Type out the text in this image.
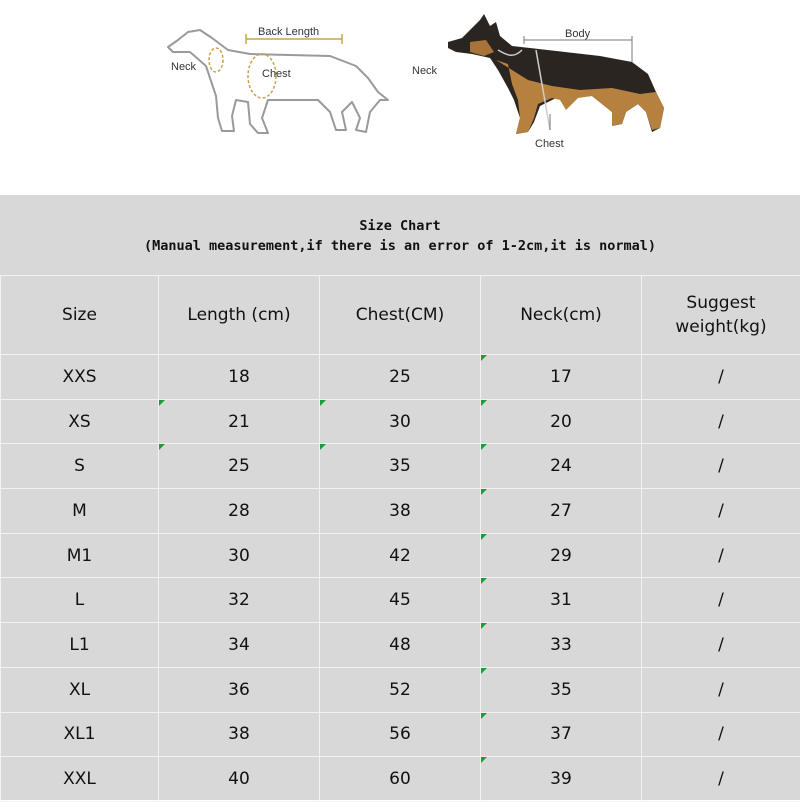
Back Length
Neck
Chest
Body
Neck
Chest
Size Chart
(Manual measurement,if there is an error of 1-2cm,it is normal)
Size	Length (cm)	Chest(CM)	Neck(cm)	Suggest weight(kg)
XXS	18	25	17	/
XS	21	30	20	/
S	25	35	24	/
M	28	38	27	/
M1	30	42	29	/
L	32	45	31	/
L1	34	48	33	/
XL	36	52	35	/
XL1	38	56	37	/
XXL	40	60	39	/
